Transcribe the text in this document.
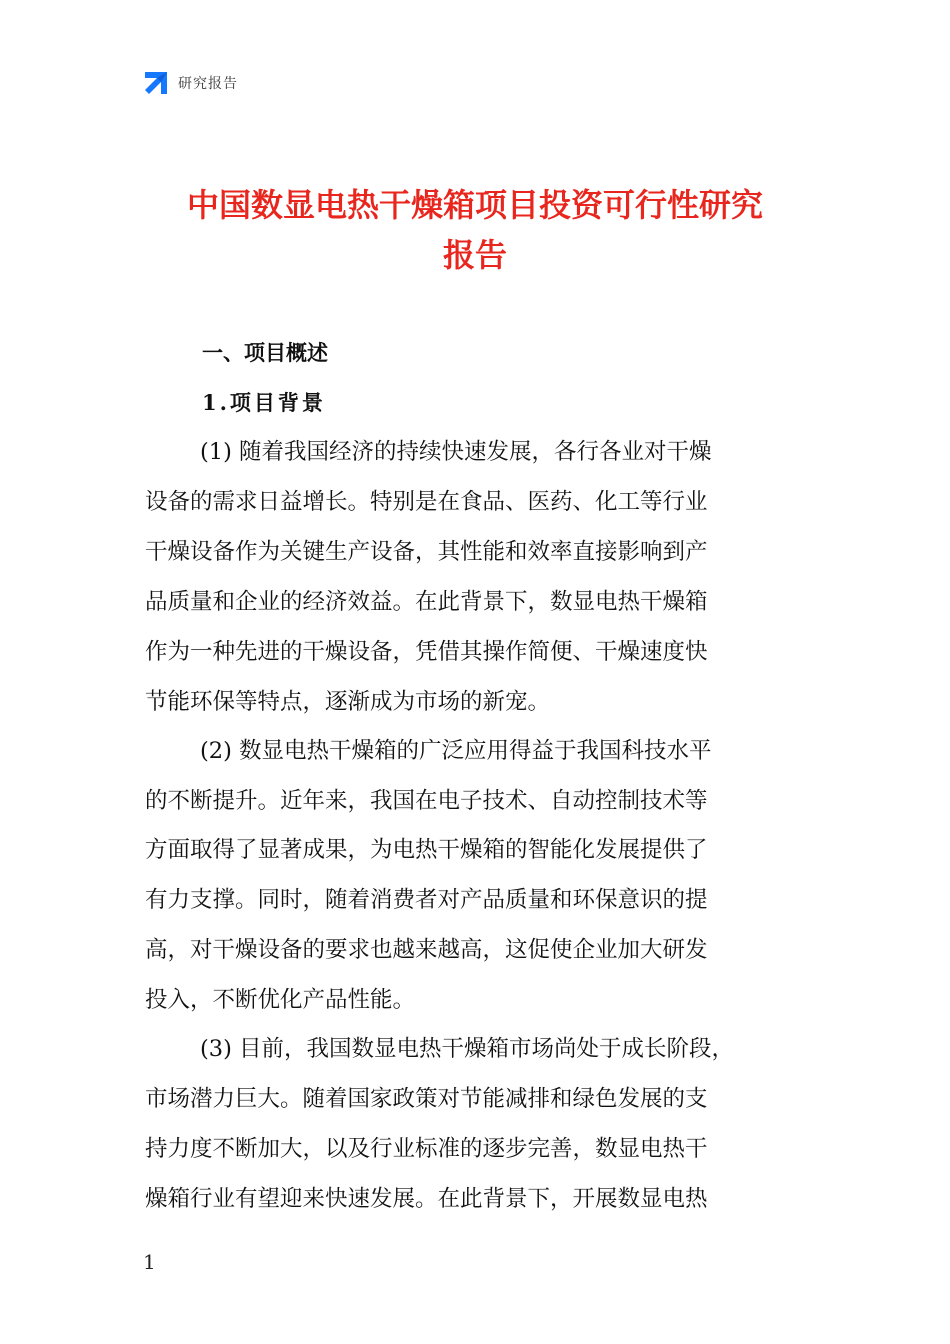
研究报告
中国数显电热干燥箱项目投资可行性研究
报告
一、项目概述
1.项目背景

(1) 随着我国经济的持续快速发展，各行各业对干燥

设备的需求日益增长。特别是在食品、医药、化工等行业

干燥设备作为关键生产设备，其性能和效率直接影响到产

品质量和企业的经济效益。在此背景下，数显电热干燥箱

作为一种先进的干燥设备，凭借其操作简便、干燥速度快

节能环保等特点，逐渐成为市场的新宠。

(2) 数显电热干燥箱的广泛应用得益于我国科技水平

的不断提升。近年来，我国在电子技术、自动控制技术等

方面取得了显著成果，为电热干燥箱的智能化发展提供了

有力支撑。同时，随着消费者对产品质量和环保意识的提

高，对干燥设备的要求也越来越高，这促使企业加大研发

投入，不断优化产品性能。

(3) 目前，我国数显电热干燥箱市场尚处于成长阶段，

市场潜力巨大。随着国家政策对节能减排和绿色发展的支

持力度不断加大，以及行业标准的逐步完善，数显电热干

燥箱行业有望迎来快速发展。在此背景下，开展数显电热

1
